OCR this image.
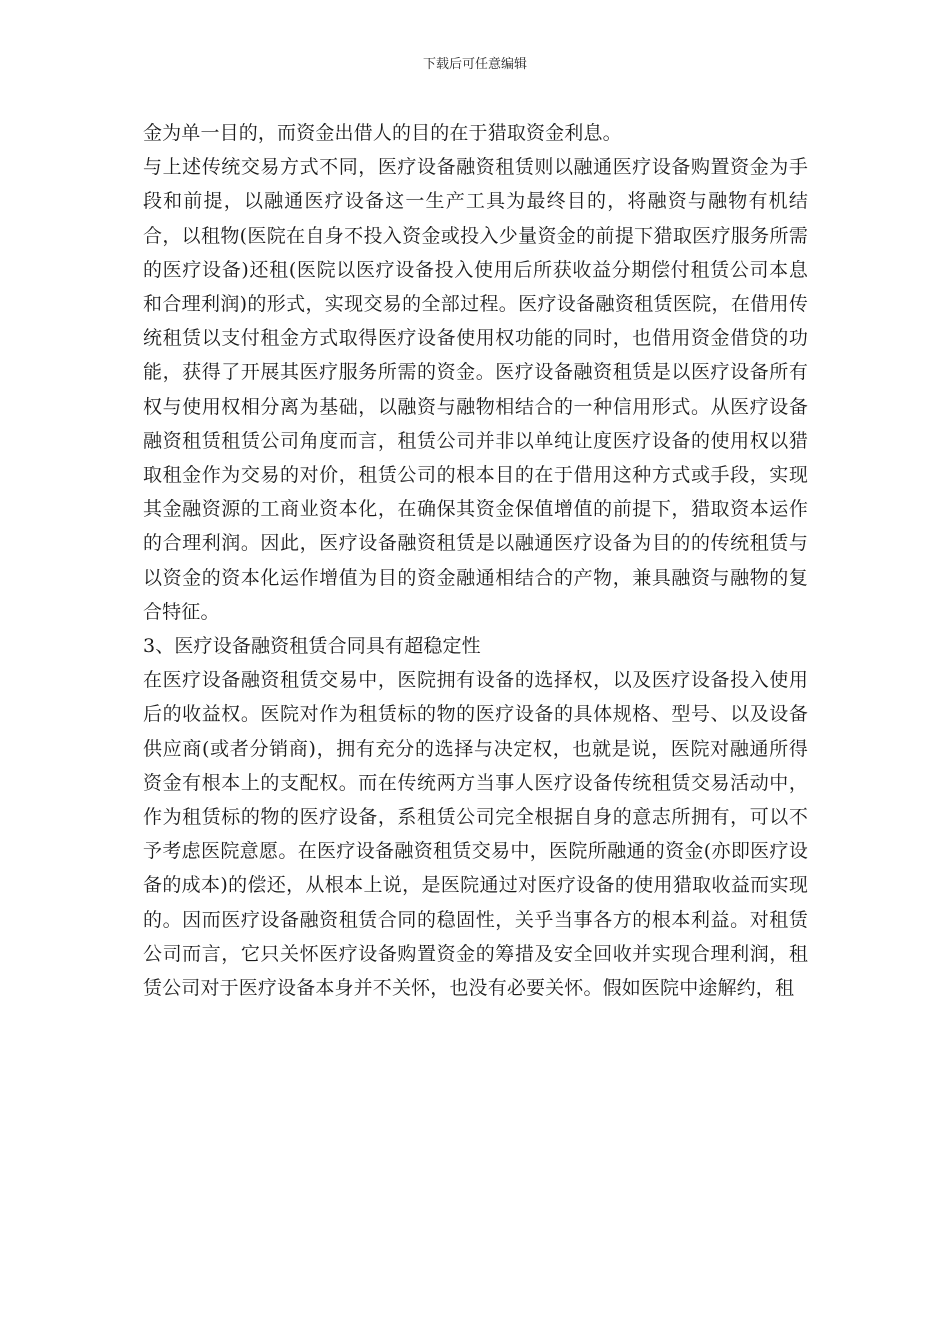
下载后可任意编辑

金为单一目的，而资金出借人的目的在于猎取资金利息。

与上述传统交易方式不同，医疗设备融资租赁则以融通医疗设备购置资金为手段和前提，以融通医疗设备这一生产工具为最终目的，将融资与融物有机结合，以租物(医院在自身不投入资金或投入少量资金的前提下猎取医疗服务所需的医疗设备)还租(医院以医疗设备投入使用后所获收益分期偿付租赁公司本息和合理利润)的形式，实现交易的全部过程。医疗设备融资租赁医院，在借用传统租赁以支付租金方式取得医疗设备使用权功能的同时，也借用资金借贷的功能，获得了开展其医疗服务所需的资金。医疗设备融资租赁是以医疗设备所有权与使用权相分离为基础，以融资与融物相结合的一种信用形式。从医疗设备融资租赁租赁公司角度而言，租赁公司并非以单纯让度医疗设备的使用权以猎取租金作为交易的对价，租赁公司的根本目的在于借用这种方式或手段，实现其金融资源的工商业资本化，在确保其资金保值增值的前提下，猎取资本运作的合理利润。因此，医疗设备融资租赁是以融通医疗设备为目的的传统租赁与以资金的资本化运作增值为目的资金融通相结合的产物，兼具融资与融物的复合特征。

3、医疗设备融资租赁合同具有超稳定性

在医疗设备融资租赁交易中，医院拥有设备的选择权，以及医疗设备投入使用后的收益权。医院对作为租赁标的物的医疗设备的具体规格、型号、以及设备供应商(或者分销商)，拥有充分的选择与决定权，也就是说，医院对融通所得资金有根本上的支配权。而在传统两方当事人医疗设备传统租赁交易活动中，作为租赁标的物的医疗设备，系租赁公司完全根据自身的意志所拥有，可以不予考虑医院意愿。在医疗设备融资租赁交易中，医院所融通的资金(亦即医疗设备的成本)的偿还，从根本上说，是医院通过对医疗设备的使用猎取收益而实现的。因而医疗设备融资租赁合同的稳固性，关乎当事各方的根本利益。对租赁公司而言，它只关怀医疗设备购置资金的筹措及安全回收并实现合理利润，租赁公司对于医疗设备本身并不关怀，也没有必要关怀。假如医院中途解约，租
